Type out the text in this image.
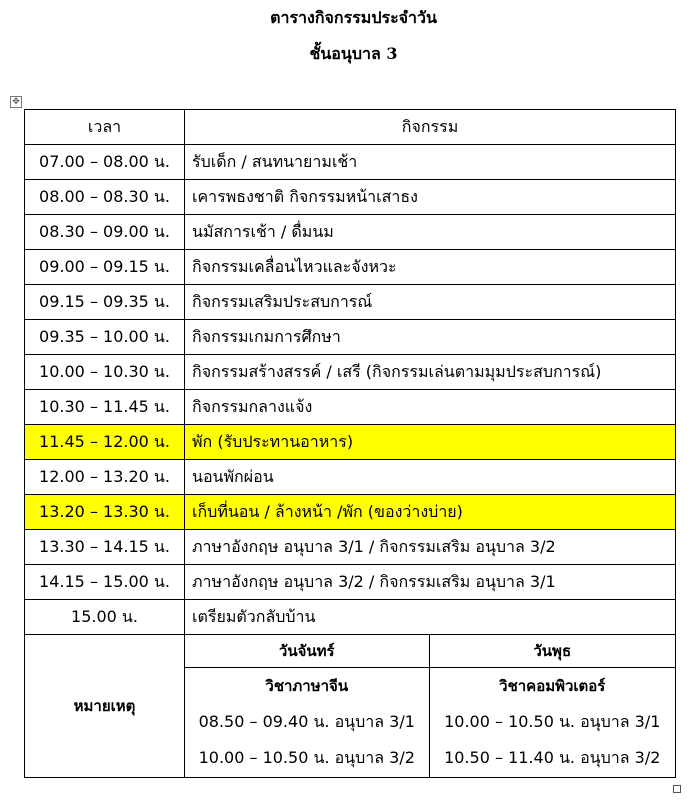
ตารางกิจกรรมประจำวัน
ชั้นอนุบาล 3
✥
เวลา	กิจกรรม
07.00 – 08.00 น.	รับเด็ก / สนทนายามเช้า
08.00 – 08.30 น.	เคารพธงชาติ กิจกรรมหน้าเสาธง
08.30 – 09.00 น.	นมัสการเช้า / ดื่มนม
09.00 – 09.15 น.	กิจกรรมเคลื่อนไหวและจังหวะ
09.15 – 09.35 น.	กิจกรรมเสริมประสบการณ์
09.35 – 10.00 น.	กิจกรรมเกมการศึกษา
10.00 – 10.30 น.	กิจกรรมสร้างสรรค์ / เสรี (กิจกรรมเล่นตามมุมประสบการณ์)
10.30 – 11.45 น.	กิจกรรมกลางแจ้ง
11.45 – 12.00 น.	พัก (รับประทานอาหาร)
12.00 – 13.20 น.	นอนพักผ่อน
13.20 – 13.30 น.	เก็บที่นอน / ล้างหน้า /พัก (ของว่างบ่าย)
13.30 – 14.15 น.	ภาษาอังกฤษ อนุบาล 3/1 / กิจกรรมเสริม อนุบาล 3/2
14.15 – 15.00 น.	ภาษาอังกฤษ อนุบาล 3/2 / กิจกรรมเสริม อนุบาล 3/1
15.00 น.	เตรียมตัวกลับบ้าน
หมายเหตุ	
วันจันทร์	วันพุธ
วิชาภาษาจีน	วิชาคอมพิวเตอร์
08.50 – 09.40 น. อนุบาล 3/1	10.00 – 10.50 น. อนุบาล 3/1
10.00 – 10.50 น. อนุบาล 3/2	10.50 – 11.40 น. อนุบาล 3/2
